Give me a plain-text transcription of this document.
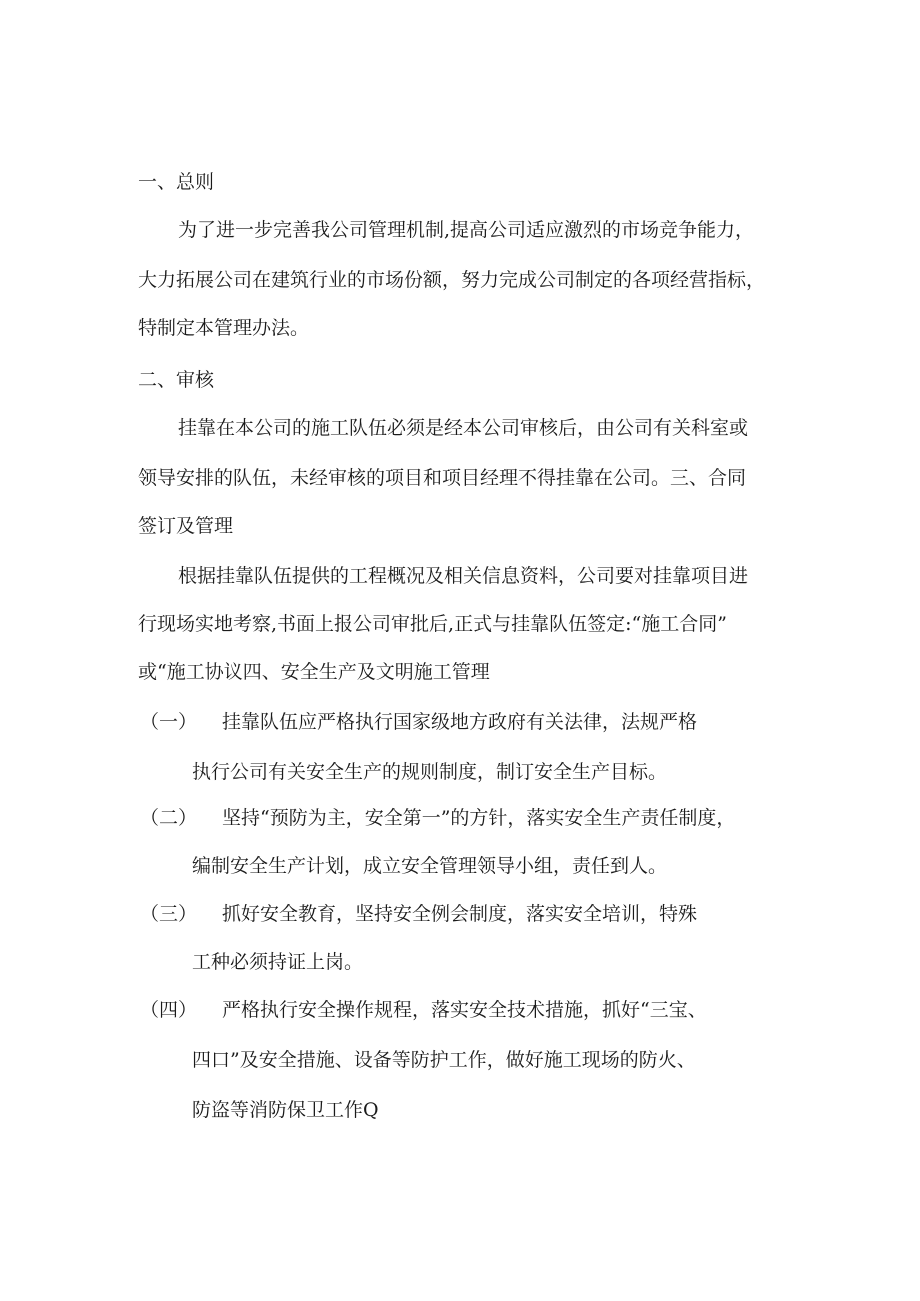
一、总则
为了进一步完善我公司管理机制,提高公司适应激烈的市场竞争能力，
大力拓展公司在建筑行业的市场份额，努力完成公司制定的各项经营指标，
特制定本管理办法。
二、审核
挂靠在本公司的施工队伍必须是经本公司审核后，由公司有关科室或
领导安排的队伍，未经审核的项目和项目经理不得挂靠在公司。三、合同
签订及管理
根据挂靠队伍提供的工程概况及相关信息资料，公司要对挂靠项目进
行现场实地考察,书面上报公司审批后,正式与挂靠队伍签定:“施工合同”
或“施工协议四、安全生产及文明施工管理
（一） 挂靠队伍应严格执行国家级地方政府有关法律，法规严格
执行公司有关安全生产的规则制度，制订安全生产目标。
（二） 坚持“预防为主，安全第一”的方针，落实安全生产责任制度，
编制安全生产计划，成立安全管理领导小组，责任到人。
（三） 抓好安全教育，坚持安全例会制度，落实安全培训，特殊
工种必须持证上岗。
（四） 严格执行安全操作规程，落实安全技术措施，抓好“三宝、
四口”及安全措施、设备等防护工作，做好施工现场的防火、
防盗等消防保卫工作Q
